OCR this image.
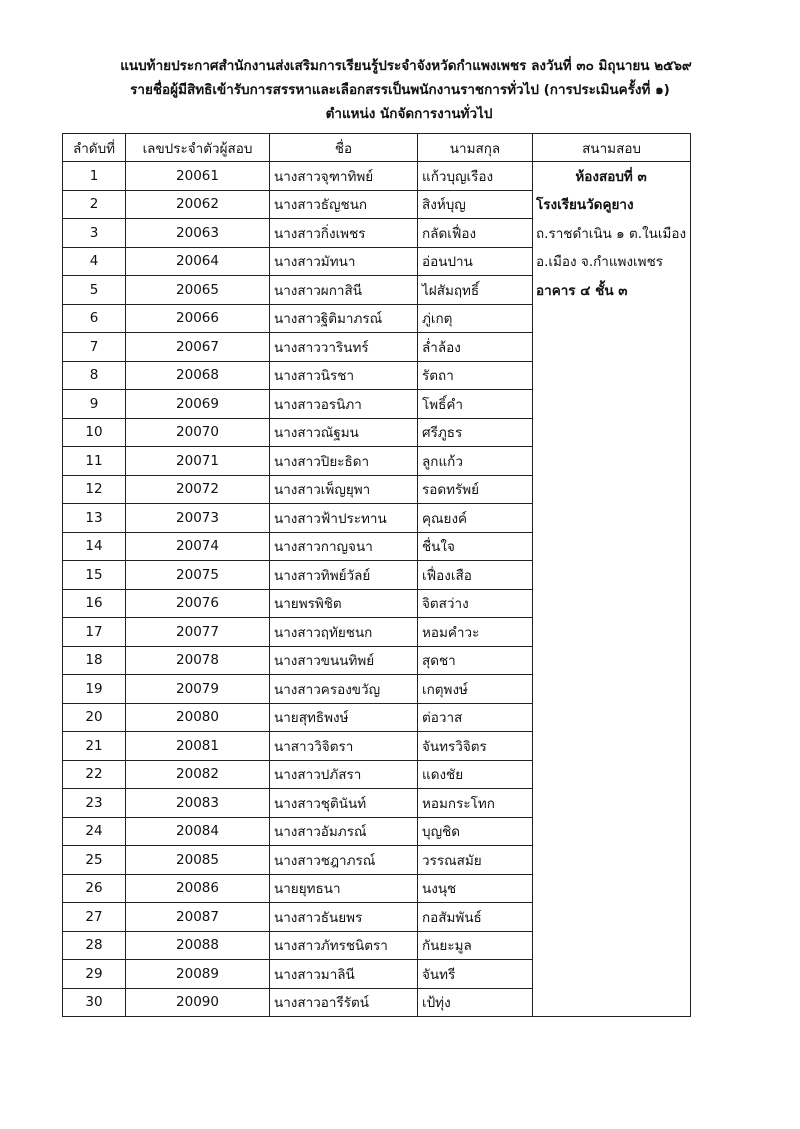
แนบท้ายประกาศสำนักงานส่งเสริมการเรียนรู้ประจำจังหวัดกำแพงเพชร ลงวันที่ ๓๐ มิถุนายน ๒๕๖๙
รายชื่อผู้มีสิทธิเข้ารับการสรรหาและเลือกสรรเป็นพนักงานราชการทั่วไป (การประเมินครั้งที่ ๑)
ตำแหน่ง นักจัดการงานทั่วไป
ลำดับที่	เลขประจำตัวผู้สอบ	ชื่อ	นามสกุล	สนามสอบ
1	20061	นางสาวจุฑาทิพย์	แก้วบุญเรือง	ห้องสอบที่ ๓
2	20062	นางสาวธัญชนก	สิงห์บุญ	โรงเรียนวัดคูยาง
3	20063	นางสาวกิ่งเพชร	กลัดเฟื่อง	ถ.ราชดำเนิน ๑ ต.ในเมือง
4	20064	นางสาวมัทนา	อ่อนปาน	อ.เมือง จ.กำแพงเพชร
5	20065	นางสาวผกาสินี	ไฝสัมฤทธิ์	อาคาร ๔ ชั้น ๓
6	20066	นางสาวฐิติมาภรณ์	ภู่เกตุ	
7	20067	นางสาววารินทร์	ล่ำล้อง	
8	20068	นางสาวนิรชา	รัตถา	
9	20069	นางสาวอรนิภา	โพธิ์คำ	
10	20070	นางสาวณัฐมน	ศรีภูธร	
11	20071	นางสาวปิยะธิดา	ลูกแก้ว	
12	20072	นางสาวเพ็ญยุพา	รอดทรัพย์	
13	20073	นางสาวฟ้าประทาน	คุณยงค์	
14	20074	นางสาวกาญจนา	ชื่นใจ	
15	20075	นางสาวทิพย์วัลย์	เฟื่องเสือ	
16	20076	นายพรพิชิต	จิตสว่าง	
17	20077	นางสาวฤทัยชนก	หอมคำวะ	
18	20078	นางสาวขนนทิพย์	สุดชา	
19	20079	นางสาวครองขวัญ	เกตุพงษ์	
20	20080	นายสุทธิพงษ์	ต่อวาส	
21	20081	นาสาววิจิตรา	จันทรวิจิตร	
22	20082	นางสาวปภัสรา	แดงชัย	
23	20083	นางสาวชุตินันท์	หอมกระโทก	
24	20084	นางสาวอัมภรณ์	บุญชิด	
25	20085	นางสาวชฎาภรณ์	วรรณสมัย	
26	20086	นายยุทธนา	นงนุช	
27	20087	นางสาวธันยพร	กอสัมพันธ์	
28	20088	นางสาวภัทรชนิตรา	กันยะมูล	
29	20089	นางสาวมาลินี	จันทรี	
30	20090	นางสาวอารีรัตน์	เป้ทุ่ง	
